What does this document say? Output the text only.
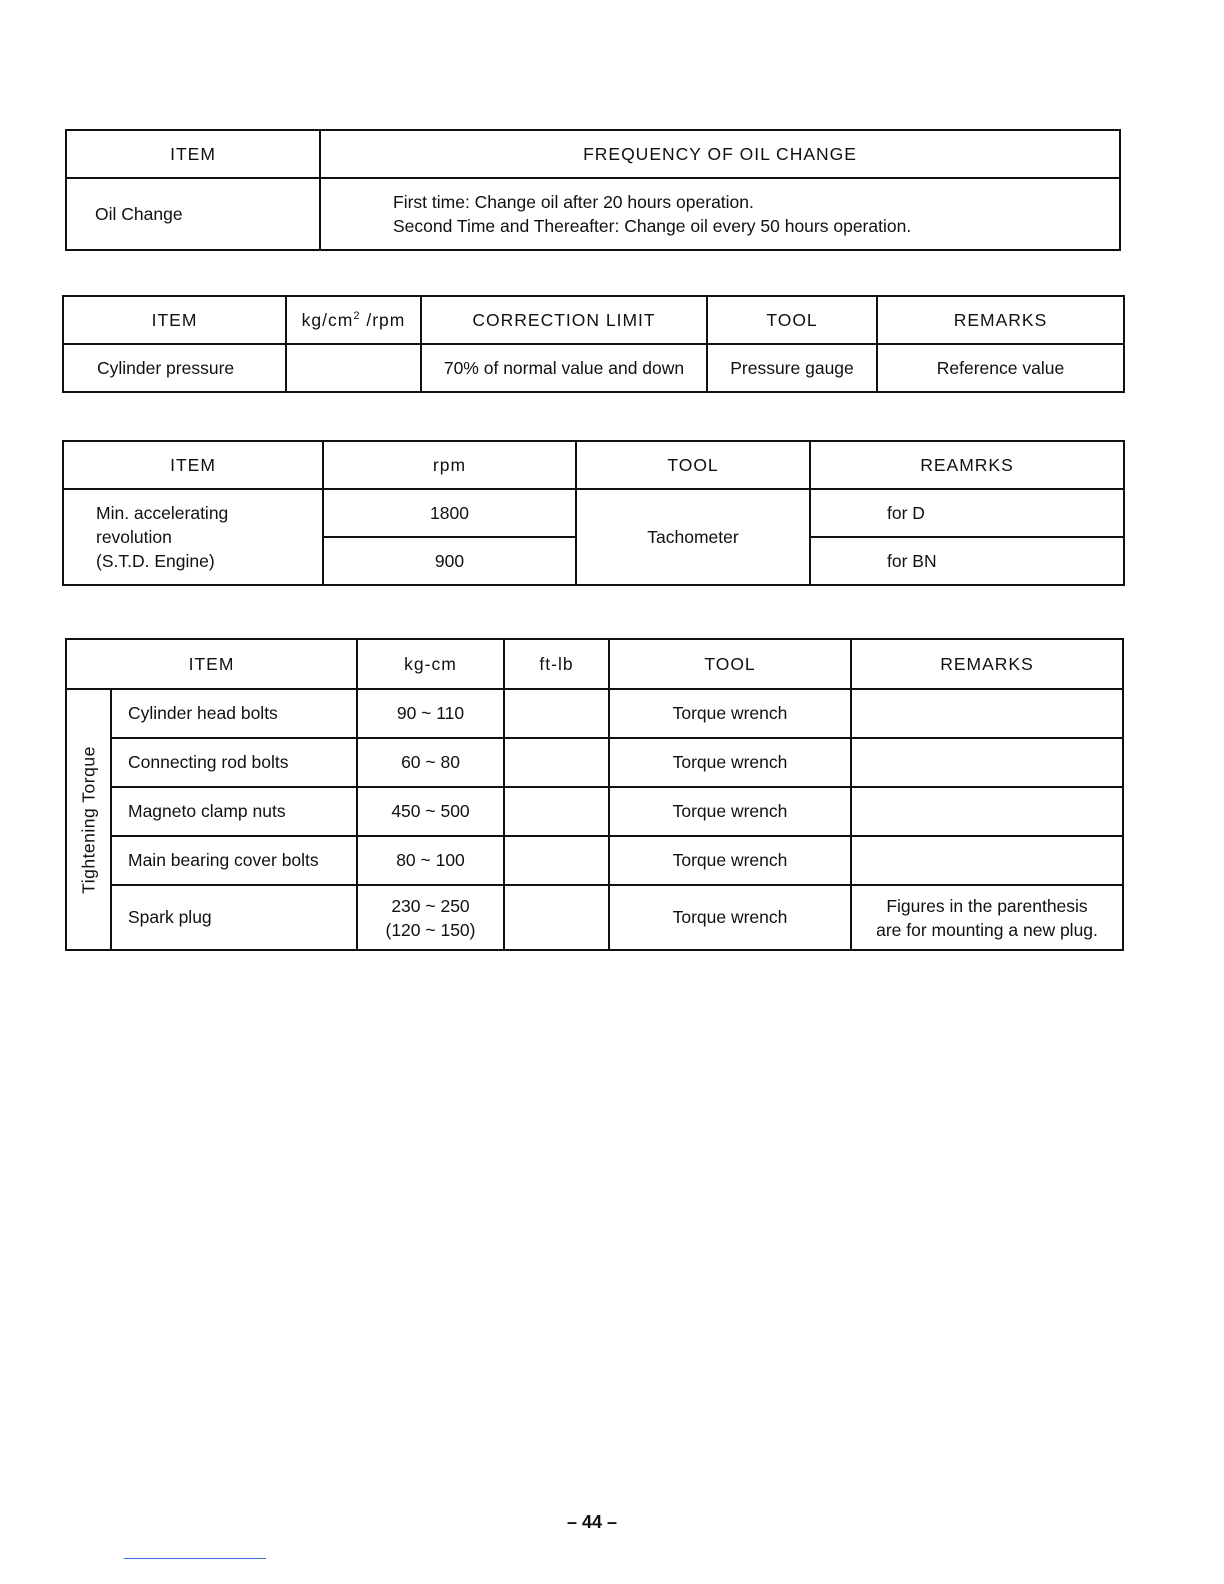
ITEM	FREQUENCY OF OIL CHANGE
Oil Change	First time: Change oil after 20 hours operation.
Second Time and Thereafter: Change oil every 50 hours operation.
ITEM	$kg/cm^2$ /rpm	CORRECTION LIMIT	TOOL	REMARKS
Cylinder pressure		70% of normal value and down	Pressure gauge	Reference value
ITEM	rpm	TOOL	REAMRKS

Min. accelerating
revolution
(S.T.D. Engine)	1800	Tachometer	for D
	900		for BN
ITEM		kg-cm	ft-lb	TOOL	REMARKS

Tightening Torque	Cylinder head bolts	90 ~ 110		Torque wrench	
	Connecting rod bolts	60 ~ 80		Torque wrench	
	Magneto clamp nuts	450 ~ 500		Torque wrench	
	Main bearing cover bolts	80 ~ 100		Torque wrench	
	Spark plug	230 ~ 250
(120 ~ 150)		Torque wrench	Figures in the parenthesis
are for mounting a new plug.
– 44 –
